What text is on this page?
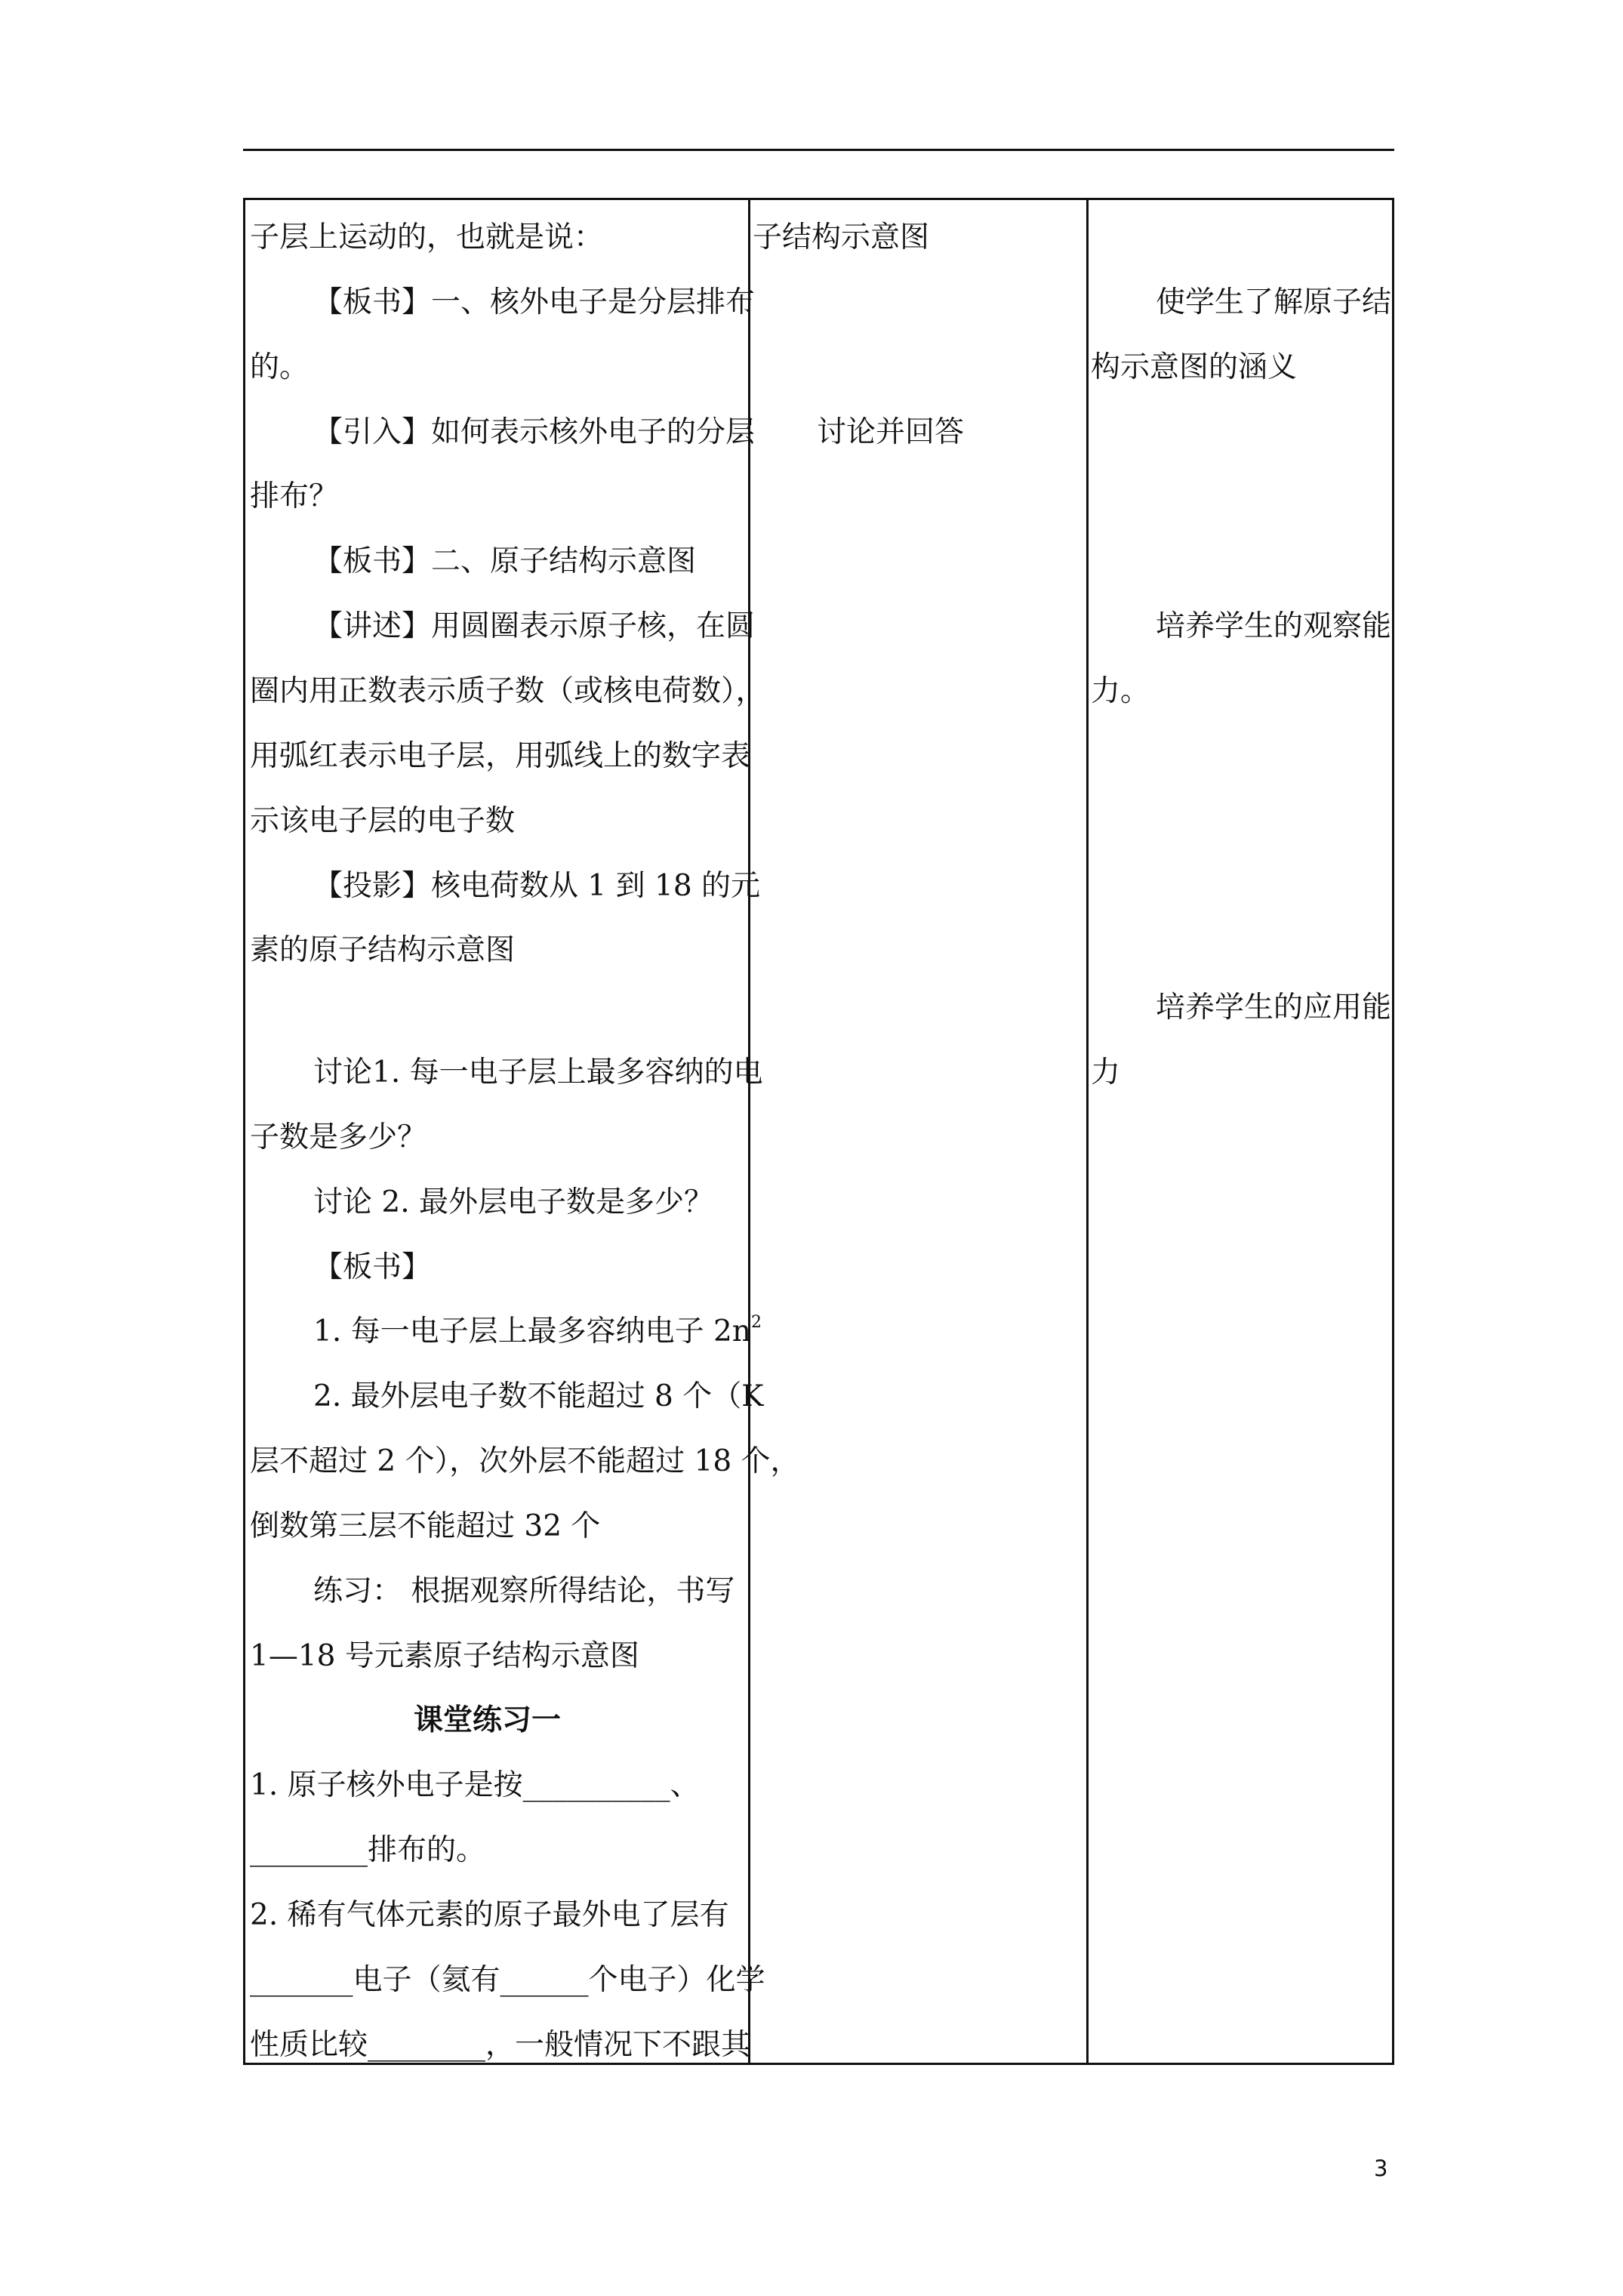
子层上运动的，也就是说：
【板书】一、核外电子是分层排布
的。
【引入】如何表示核外电子的分层
排布？
【板书】二、原子结构示意图
【讲述】用圆圈表示原子核，在圆
圈内用正数表示质子数（或核电荷数），
用弧红表示电子层，用弧线上的数字表
示该电子层的电子数
【投影】核电荷数从 1 到 18 的元
素的原子结构示意图
讨论1. 每一电子层上最多容纳的电
子数是多少？
讨论 2. 最外层电子数是多少？
【板书】
1. 每一电子层上最多容纳电子 $2n^2$
2. 最外层电子数不能超过 8 个（K
层不超过 2 个），次外层不能超过 18 个，
倒数第三层不能超过 32 个
练习： 根据观察所得结论，书写
1—18 号元素原子结构示意图
课堂练习一
1. 原子核外电子是按__________、
________排布的。
2. 稀有气体元素的原子最外电了层有
_______电子（氦有______个电子）化学
性质比较________，一般情况下不跟其
子结构示意图
讨论并回答
使学生了解原子结
构示意图的涵义
培养学生的观察能
力。
培养学生的应用能
力
3
